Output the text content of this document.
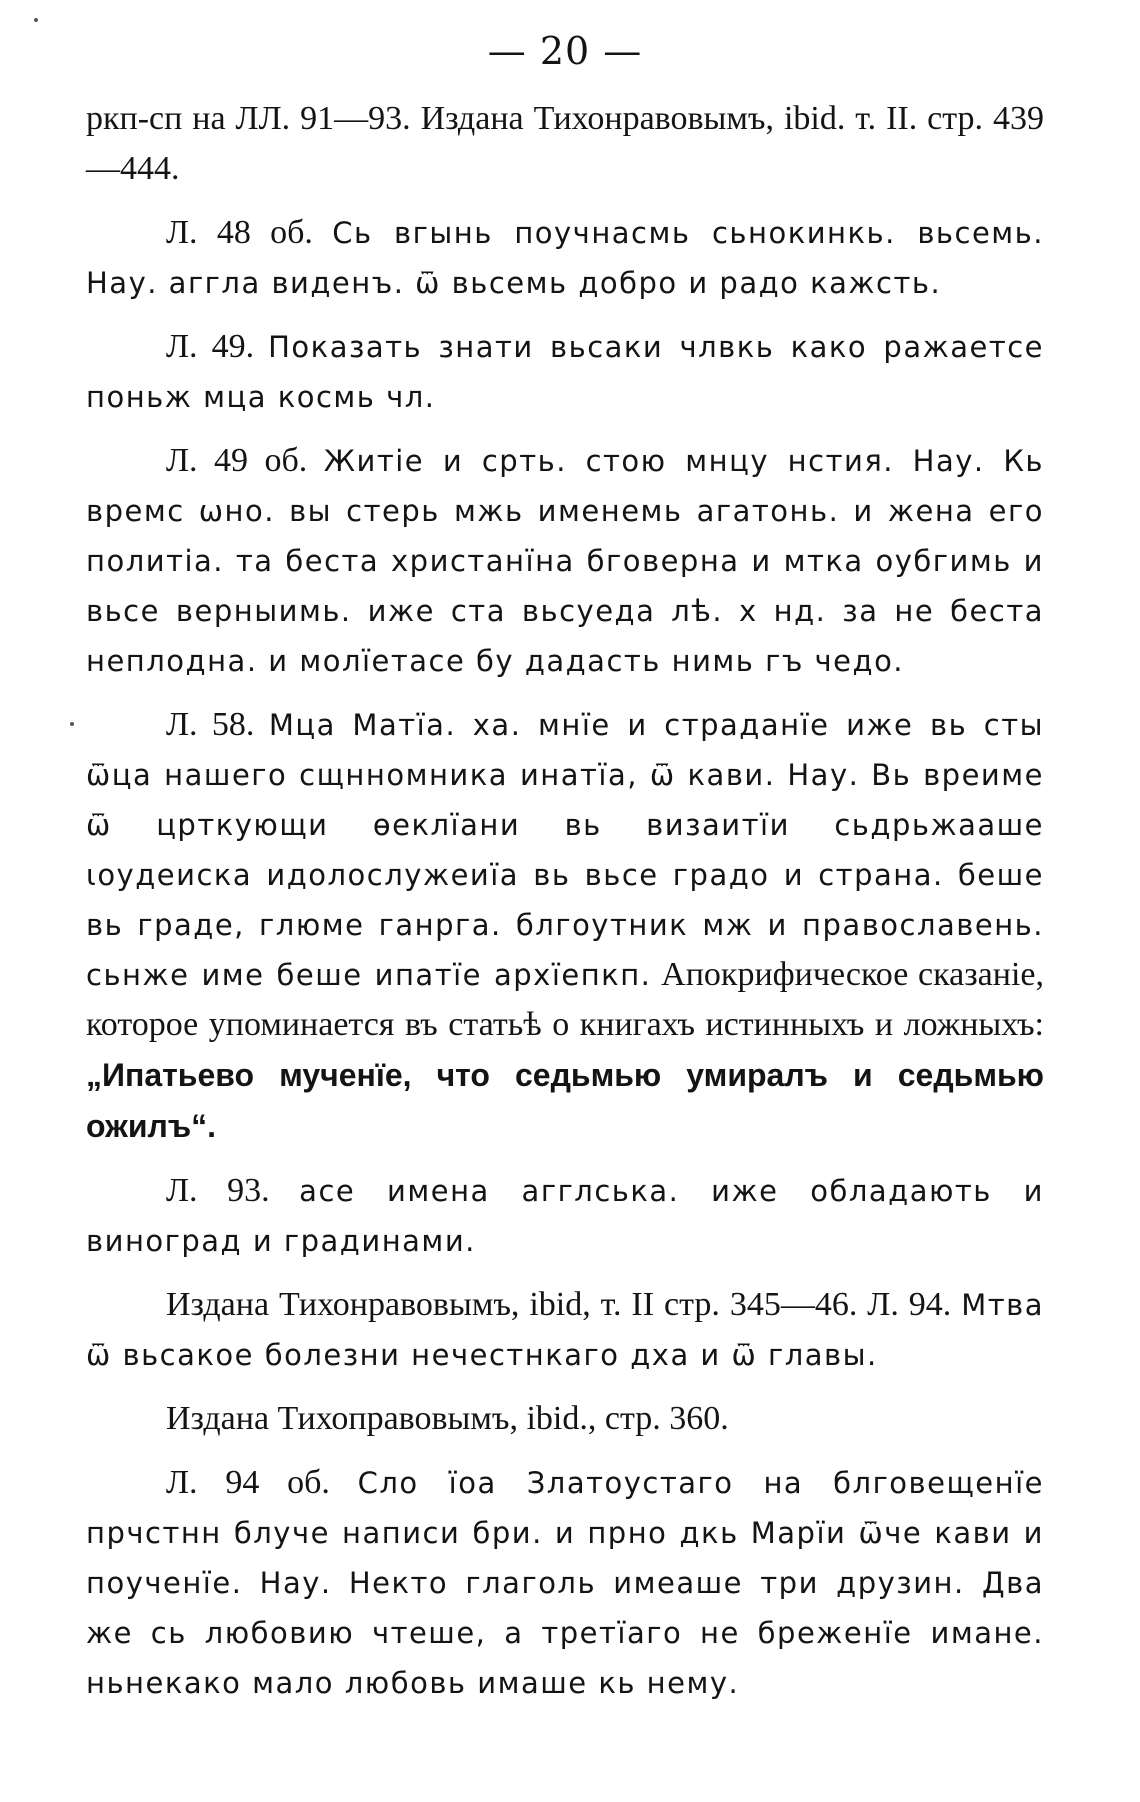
— 20 —

ркп-сп на ЛЛ. 91—93. Издана Тихонравовымъ, ibid. т. II. стр. 439—444.

Л. 48 об. Сь вгынь поучнасмь сьнокинкь. вьсемь. Нау. аггла виденъ. ѿ вьсемь добро и радо кажсть.

Л. 49. Показать знати вьсаки члвкь како ражаетсе поньж мца космь чл.

Л. 49 об. Житіе и срть. стою мнцу нстия. Нау. Кь времс ѡно. вы стерь мжь именемь агатонь. и жена его политіа. та беста христанїна бговерна и мтка оубгимь и вьсе верныимь. иже ста вьсуеда лѣ. х нд. за не беста неплодна. и молїетасе бу дадасть нимь гъ чедо.

Л. 58. Мца Матїа. ха. мнїе и страданїе иже вь сты ѿца нашего сщнномника инатїа, ѿ кави. Нау. Вь вреиме ѿ црткующи ѳеклїани вь визаитїи сьдрьжааше ιоудеиска идолослужеиїа вь вьсе градо и страна. беше вь граде, глюме ганрга. блгоутник мж и православень. сьнже име беше ипатїе архїепкп. Апокрифическое сказаніе, которое упоминается въ статьѣ о книгахъ истинныхъ и ложныхъ: „Ипатьево мученїе, что седьмью умиралъ и седьмью ожилъ“.

Л. 93. асе имена агглська. иже обладають и виноград и градинами.

Издана Тихонравовымъ, ibid, т. II стр. 345—46. Л. 94. Мтва ѿ вьсакое болезни нечестнкаго дха и ѿ главы.

Издана Тихоправовымъ, ibid., стр. 360.

Л. 94 об. Сло їоа Златоустаго на блговещенїе прчстнн блуче написи бри. и прно дкь Марїи ѿче кави и поученїе. Нау. Некто глаголь имеаше три друзин. Два же сь любовию чтеше, а третїаго не бреженїе имане. ньнекако мало любовь имаше кь нему.
